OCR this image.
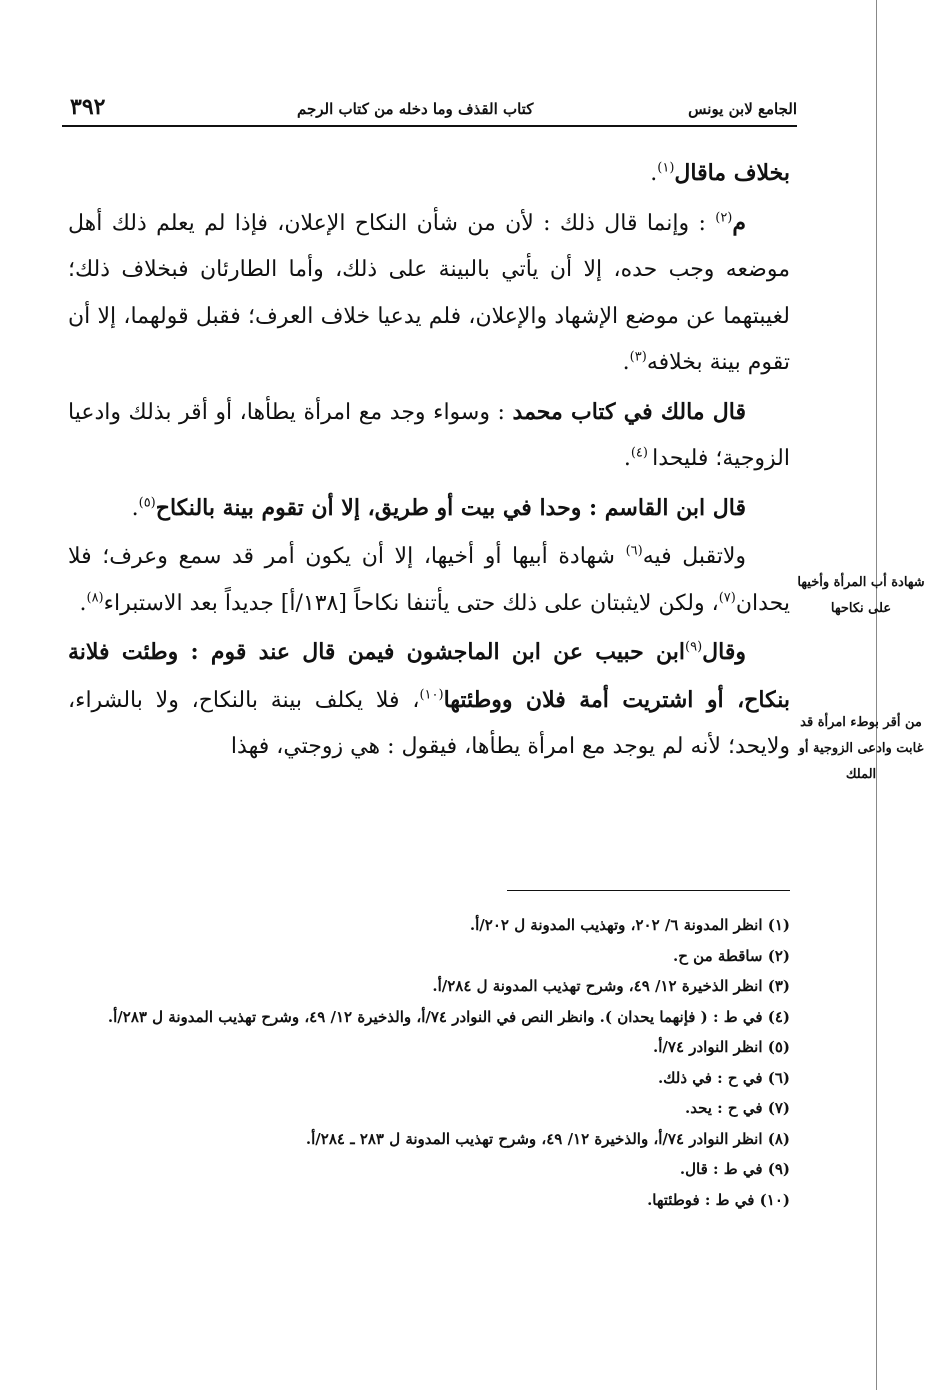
الجامع لابن يونس
كتاب القذف وما دخله من كتاب الرجم
٣٩٢

بخلاف ماقال$^{(١)}$.

م$^{(٢)}$ : وإنما قال ذلك : لأن من شأن النكاح الإعلان، فإذا لم يعلم ذلك أهل موضعه وجب حده، إلا أن يأتي بالبينة على ذلك، وأما الطارئان فبخلاف ذلك؛ لغيبتهما عن موضع الإشهاد والإعلان، فلم يدعيا خلاف العرف؛ فقبل قولهما، إلا أن تقوم بينة بخلافه$^{(٣)}$.

قال مالك في كتاب محمد : وسواء وجد مع امرأة يطأها، أو أقر بذلك وادعيا الزوجية؛ فليحدا $^{(٤)}$.

قال ابن القاسم : وحدا في بيت أو طريق، إلا أن تقوم بينة بالنكاح$^{(٥)}$.

ولاتقبل فيه$^{(٦)}$ شهادة أبيها أو أخيها، إلا أن يكون أمر قد سمع وعرف؛ فلا يحدان$^{(٧)}$، ولكن لايثبتان على ذلك حتى يأتنفا نكاحاً [١٣٨/أ] جديداً بعد الاستبراء$^{(٨)}$.

وقال$^{(٩)}$ابن حبيب عن ابن الماجشون فيمن قال عند قوم : وطئت فلانة بنكاح، أو اشتريت أمة فلان ووطئتها$^{(١٠)}$، فلا يكلف بينة بالنكاح، ولا بالشراء، ولايحد؛ لأنه لم يوجد مع امرأة يطأها، فيقول : هي زوجتي، فهذا

شهادة أب المرأة وأخيها على نكاحها
من أقر بوطء امرأة قد غابت وادعى الزوجية أو الملك
(١) انظر المدونة ٦/ ٢٠٢، وتهذيب المدونة ل ٢٠٢/أ.
(٢) ساقطة من ح.
(٣) انظر الذخيرة ١٢/ ٤٩، وشرح تهذيب المدونة ل ٢٨٤/أ.
(٤) في ط : ( فإنهما يحدان ). وانظر النص في النوادر ٧٤/أ، والذخيرة ١٢/ ٤٩، وشرح تهذيب المدونة ل ٢٨٣/أ.
(٥) انظر النوادر ٧٤/أ.
(٦) في ح : في ذلك.
(٧) في ح : يحد.
(٨) انظر النوادر ٧٤/أ، والذخيرة ١٢/ ٤٩، وشرح تهذيب المدونة ل ٢٨٣ ـ ٢٨٤/أ.
(٩) في ط : قال.
(١٠) في ط : فوطئتها.
